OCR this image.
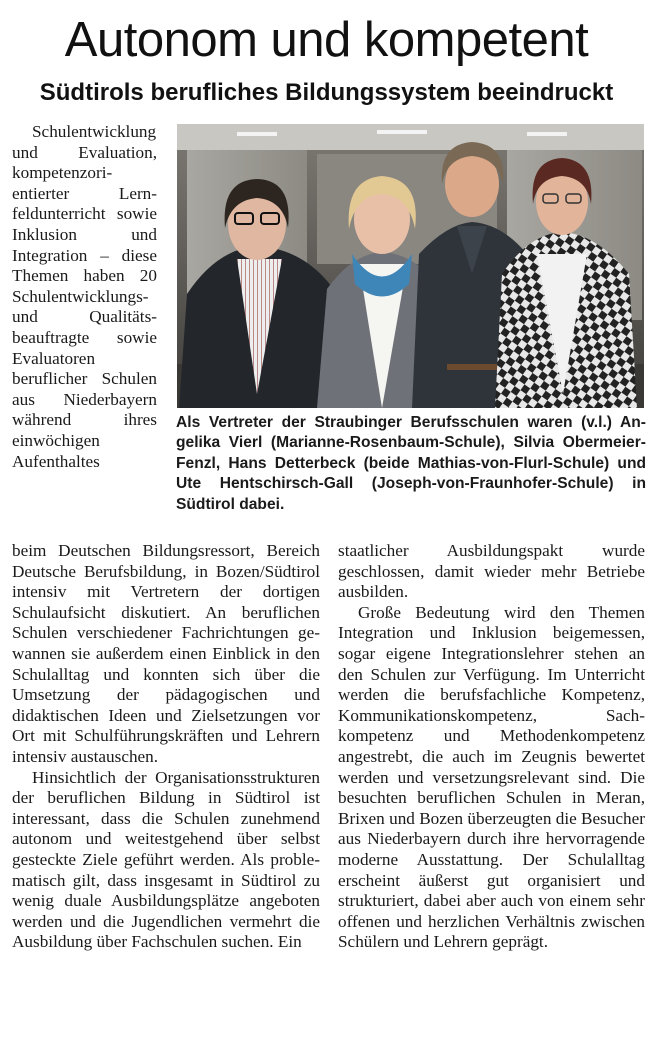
Autonom und kompetent
Südtirols berufliches Bildungssystem beeindruckt

Schulentwicklung und Evaluation, kompetenzorientierter Lernfeldunterricht sowie Inklusion und Integration – diese Themen haben 20 Schulentwicklungs- und Qualitätsbeauftragte sowie Evaluatoren beruflicher Schulen aus Niederbayern während ihres einwöchigen Aufenthaltes

Als Vertreter der Straubinger Berufsschulen waren (v.l.) Angelika Vierl (Marianne-Rosenbaum-Schule), Silvia Obermeier-Fenzl, Hans Detterbeck (beide Mathias-von-Flurl-Schule) und Ute Hentschirsch-Gall (Joseph-von-Fraunhofer-Schule) in Südtirol dabei.

beim Deutschen Bildungsressort, Bereich Deutsche Berufsbildung, in Bozen/Südtirol intensiv mit Vertretern der dortigen Schulaufsicht diskutiert. An beruflichen Schulen verschiedener Fachrichtungen gewannen sie außerdem einen Einblick in den Schulalltag und konnten sich über die Umsetzung der pädagogischen und didaktischen Ideen und Zielsetzungen vor Ort mit Schulführungskräften und Lehrern intensiv austauschen.

Hinsichtlich der Organisationsstrukturen der beruflichen Bildung in Südtirol ist interessant, dass die Schulen zunehmend autonom und weitestgehend über selbst gesteckte Ziele geführt werden. Als problematisch gilt, dass insgesamt in Südtirol zu wenig duale Ausbildungsplätze angeboten werden und die Jugendlichen vermehrt die Ausbildung über Fachschulen suchen. Ein

staatlicher Ausbildungspakt wurde geschlossen, damit wieder mehr Betriebe ausbilden.

Große Bedeutung wird den Themen Integration und Inklusion beigemessen, sogar eigene Integrationslehrer stehen an den Schulen zur Verfügung. Im Unterricht werden die berufsfachliche Kompetenz, Kommunikationskompetenz, Sachkompetenz und Methodenkompetenz angestrebt, die auch im Zeugnis bewertet werden und versetzungsrelevant sind. Die besuchten beruflichen Schulen in Meran, Brixen und Bozen überzeugten die Besucher aus Niederbayern durch ihre hervorragende moderne Ausstattung. Der Schulalltag erscheint äußerst gut organisiert und strukturiert, dabei aber auch von einem sehr offenen und herzlichen Verhältnis zwischen Schülern und Lehrern geprägt.
